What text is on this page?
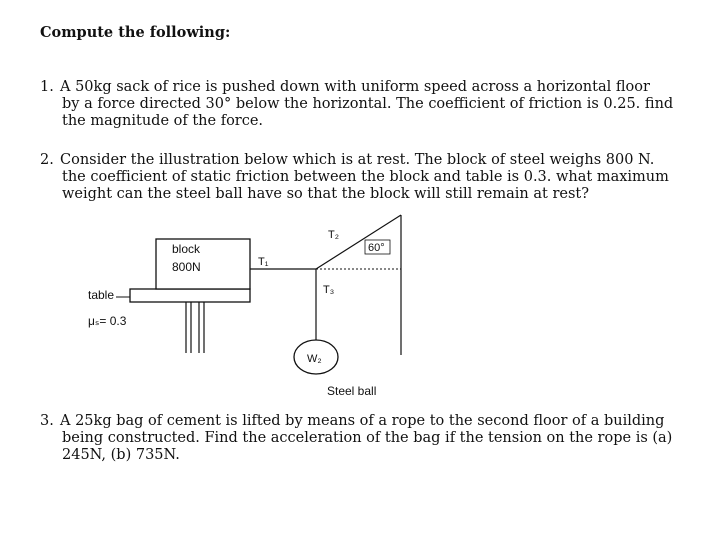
Compute the following:
1. A 50kg sack of rice is pushed down with uniform speed across a horizontal floor
by a force directed 30° below the horizontal. The coefficient of friction is 0.25. find
the magnitude of the force.
2. Consider the illustration below which is at rest. The block of steel weighs 800 N.
the coefficient of static friction between the block and table is 0.3. what maximum
weight can the steel ball have so that the block will still remain at rest?
block
800N	T₁
T₂
60°
T₃
W₂
Steel ball
table
μₛ= 0.3
3. A 25kg bag of cement is lifted by means of a rope to the second floor of a building
being constructed. Find the acceleration of the bag if the tension on the rope is (a)
245N, (b) 735N.
